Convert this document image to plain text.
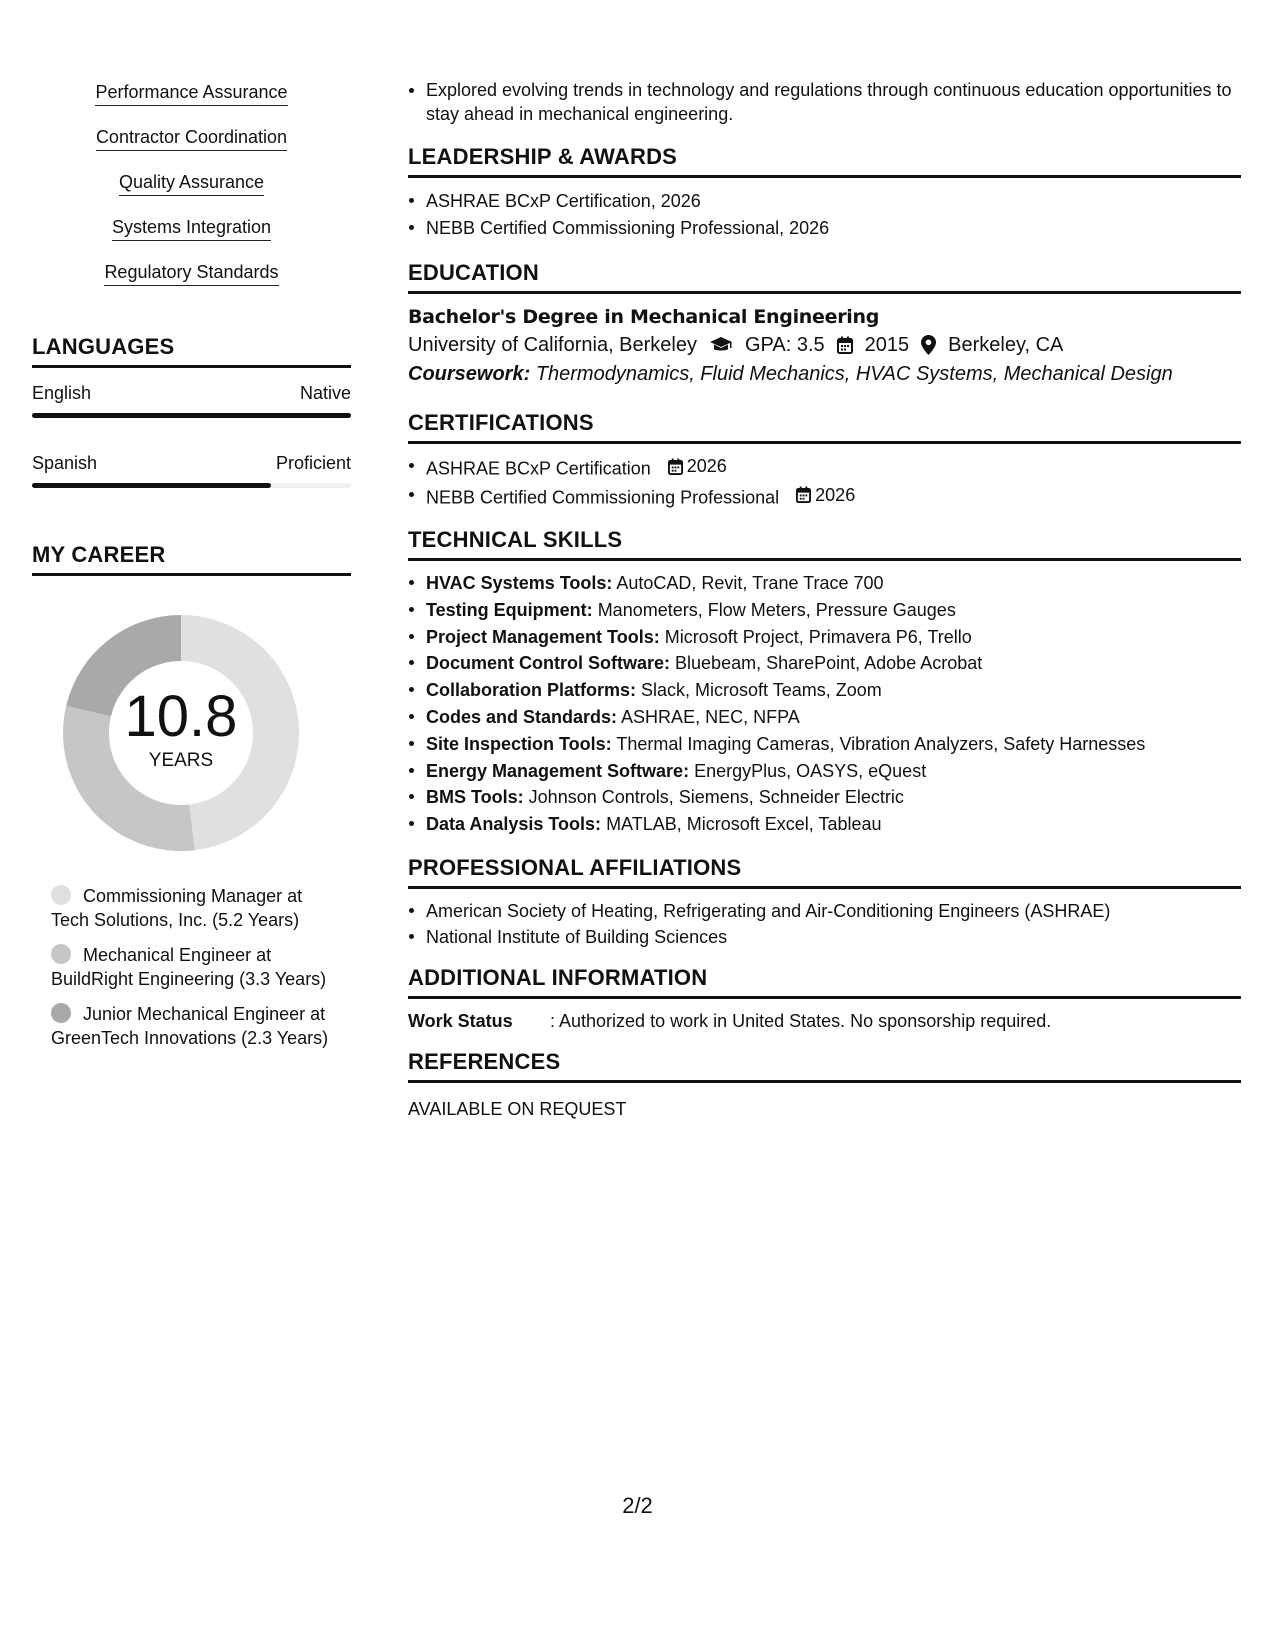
Performance Assurance
Contractor Coordination
Quality Assurance
Systems Integration
Regulatory Standards
LANGUAGES
English	Native
Spanish	Proficient
MY CAREER
10.8
YEARS
Commissioning Manager at Tech Solutions, Inc. (5.2 Years)
Mechanical Engineer at BuildRight Engineering (3.3 Years)
Junior Mechanical Engineer at GreenTech Innovations (2.3 Years)
Explored evolving trends in technology and regulations through continuous education opportunities to stay ahead in mechanical engineering.
LEADERSHIP & AWARDS
ASHRAE BCxP Certification, 2026
NEBB Certified Commissioning Professional, 2026
EDUCATION
Bachelor's Degree in Mechanical Engineering
University of California, Berkeley GPA: 3.5 2015 Berkeley, CA
Coursework: Thermodynamics, Fluid Mechanics, HVAC Systems, Mechanical Design
CERTIFICATIONS
ASHRAE BCxP Certification 2026
NEBB Certified Commissioning Professional 2026
TECHNICAL SKILLS
HVAC Systems Tools: AutoCAD, Revit, Trane Trace 700
Testing Equipment: Manometers, Flow Meters, Pressure Gauges
Project Management Tools: Microsoft Project, Primavera P6, Trello
Document Control Software: Bluebeam, SharePoint, Adobe Acrobat
Collaboration Platforms: Slack, Microsoft Teams, Zoom
Codes and Standards: ASHRAE, NEC, NFPA
Site Inspection Tools: Thermal Imaging Cameras, Vibration Analyzers, Safety Harnesses
Energy Management Software: EnergyPlus, OASYS, eQuest
BMS Tools: Johnson Controls, Siemens, Schneider Electric
Data Analysis Tools: MATLAB, Microsoft Excel, Tableau
PROFESSIONAL AFFILIATIONS
American Society of Heating, Refrigerating and Air-Conditioning Engineers (ASHRAE)
National Institute of Building Sciences
ADDITIONAL INFORMATION
Work Status	: Authorized to work in United States. No sponsorship required.
REFERENCES
AVAILABLE ON REQUEST
2/2
